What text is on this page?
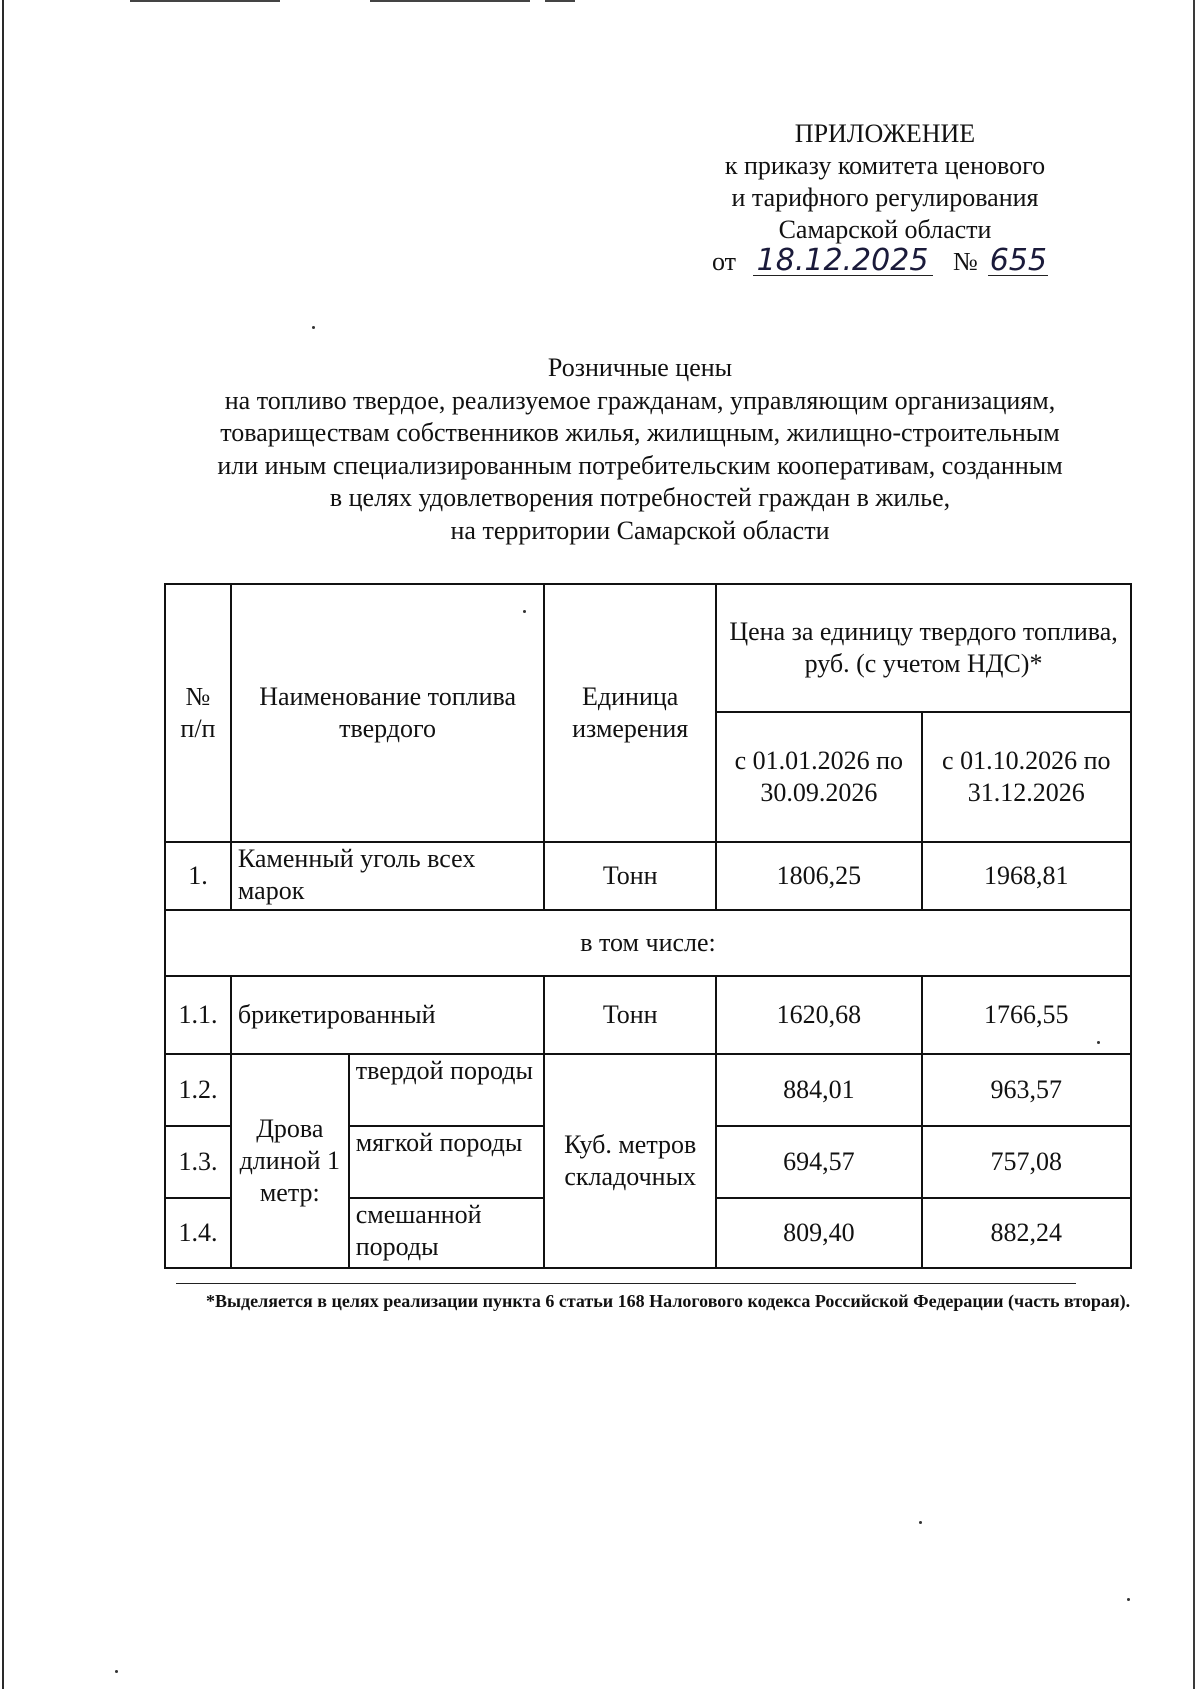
ПРИЛОЖЕНИЕ
к приказу комитета ценового
и тарифного регулирования
Самарской области
от 18.12.2025 № 655
Розничные цены
на топливо твердое, реализуемое гражданам, управляющим организациям,
товариществам собственников жилья, жилищным, жилищно-строительным
или иным специализированным потребительским кооперативам, созданным
в целях удовлетворения потребностей граждан в жилье,
на территории Самарской области
№ п/п	Наименование топлива твердого		Единица измерения	Цена за единицу твердого топлива, руб. (с учетом НДС)*	
				с 01.01.2026 по 30.09.2026	с 01.10.2026 по 31.12.2026
1.	Каменный уголь всех марок		Тонн	1806,25	1968,81
в том числе:					
1.1.	брикетированный		Тонн	1620,68	1766,55
1.2.	Дрова длиной 1 метр:	твердой породы	Куб. метров складочных	884,01	963,57
1.3.		мягкой породы		694,57	757,08
1.4.		смешанной породы		809,40	882,24
*Выделяется в целях реализации пункта 6 статьи 168 Налогового кодекса Российской Федерации (часть вторая).
